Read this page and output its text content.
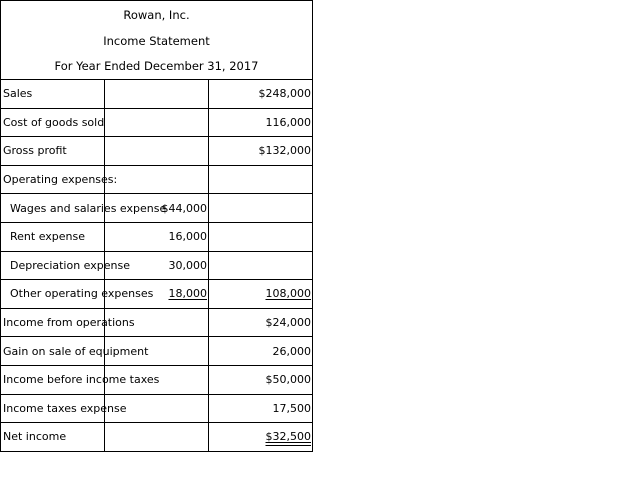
Rowan, Inc.		
Income Statement		
For Year Ended December 31, 2017		
Sales		$248,000
Cost of goods sold		116,000
Gross profit		$132,000
Operating expenses:		
Wages and salaries expense	$44,000	
Rent expense	16,000	
Depreciation expense	30,000	
Other operating expenses	18,000	108,000
Income from operations		$24,000
Gain on sale of equipment		26,000
Income before income taxes		$50,000
Income taxes expense		17,500
Net income		$32,500
